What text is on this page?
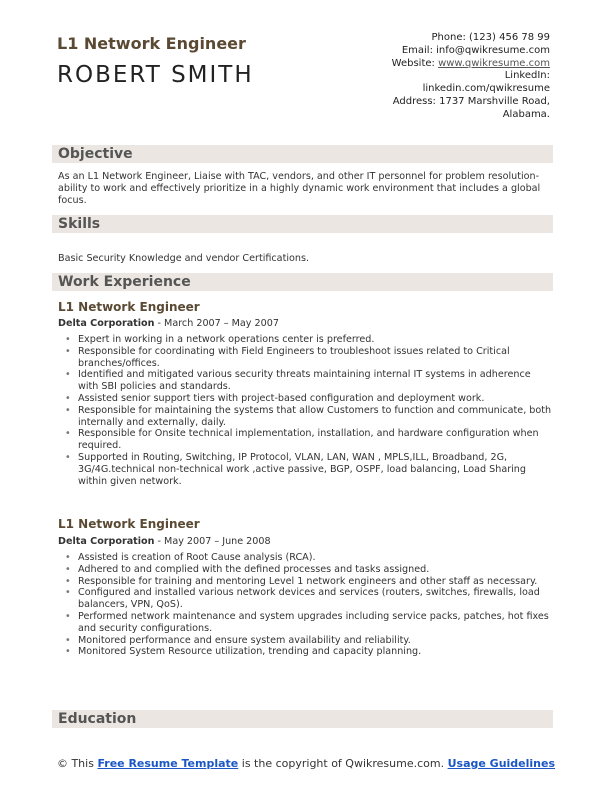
L1 Network Engineer
ROBERT SMITH
Phone: (123) 456 78 99
Email: info@qwikresume.com
Website: www.qwikresume.com
LinkedIn:
linkedin.com/qwikresume
Address: 1737 Marshville Road,
Alabama.
Objective
As an L1 Network Engineer, Liaise with TAC, vendors, and other IT personnel for problem resolution-ability to work and effectively prioritize in a highly dynamic work environment that includes a global focus.
Skills
Basic Security Knowledge and vendor Certifications.
Work Experience
L1 Network Engineer
Delta Corporation - March 2007 – May 2007
• Expert in working in a network operations center is preferred.
• Responsible for coordinating with Field Engineers to troubleshoot issues related to Critical branches/offices.
• Identified and mitigated various security threats maintaining internal IT systems in adherence with SBI policies and standards.
• Assisted senior support tiers with project-based configuration and deployment work.
• Responsible for maintaining the systems that allow Customers to function and communicate, both internally and externally, daily.
• Responsible for Onsite technical implementation, installation, and hardware configuration when required.
• Supported in Routing, Switching, IP Protocol, VLAN, LAN, WAN , MPLS,ILL, Broadband, 2G, 3G/4G.technical non-technical work ,active passive, BGP, OSPF, load balancing, Load Sharing within given network.
L1 Network Engineer
Delta Corporation - May 2007 – June 2008
• Assisted is creation of Root Cause analysis (RCA).
• Adhered to and complied with the defined processes and tasks assigned.
• Responsible for training and mentoring Level 1 network engineers and other staff as necessary.
• Configured and installed various network devices and services (routers, switches, firewalls, load balancers, VPN, QoS).
• Performed network maintenance and system upgrades including service packs, patches, hot fixes and security configurations.
• Monitored performance and ensure system availability and reliability.
• Monitored System Resource utilization, trending and capacity planning.
Education
© This Free Resume Template is the copyright of Qwikresume.com. Usage Guidelines
